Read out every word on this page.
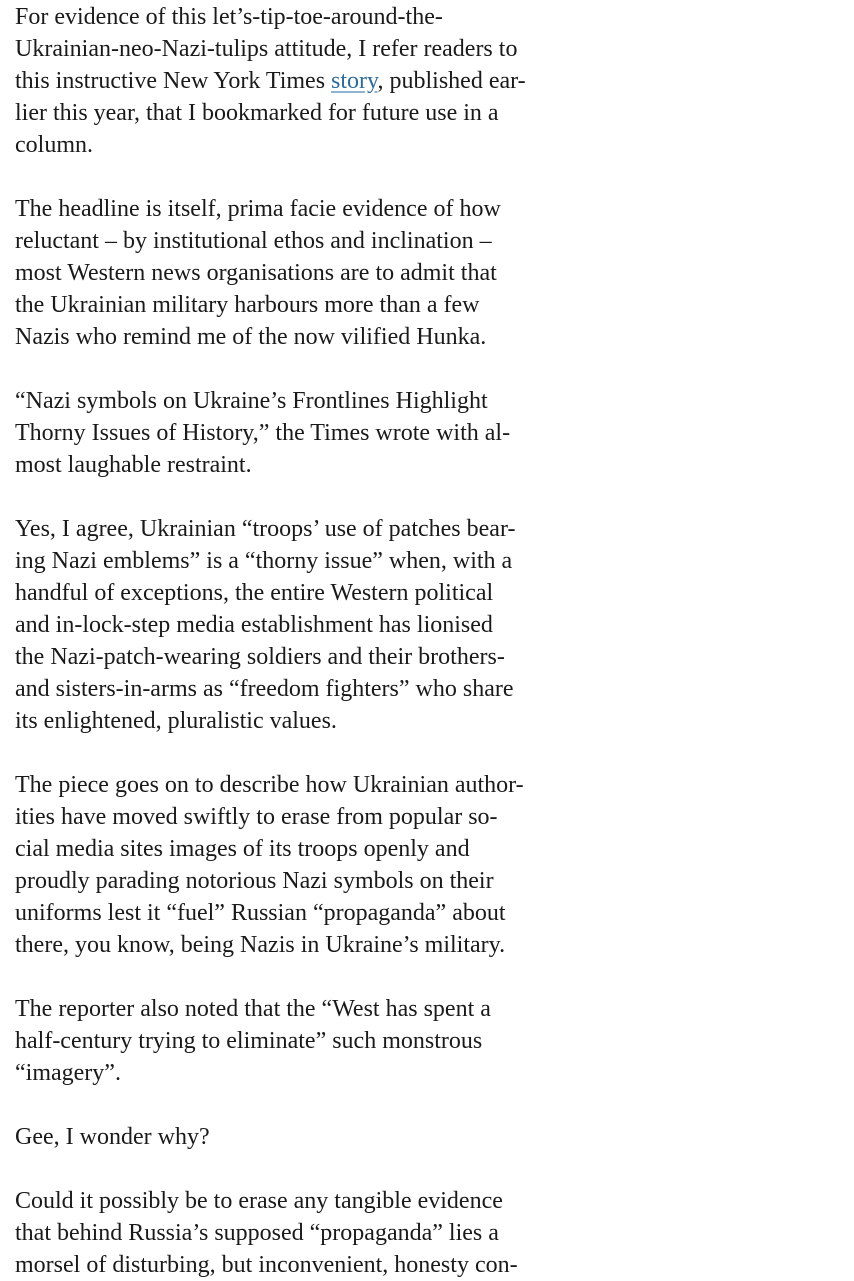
For evidence of this let’s-tip-toe-around-the-
Ukrainian-neo-Nazi-tulips attitude, I refer readers to
this instructive New York Times story, published ear-
lier this year, that I bookmarked for future use in a
column.

The headline is itself, prima facie evidence of how
reluctant – by institutional ethos and inclination –
most Western news organisations are to admit that
the Ukrainian military harbours more than a few
Nazis who remind me of the now vilified Hunka.

“Nazi symbols on Ukraine’s Frontlines Highlight
Thorny Issues of History,” the Times wrote with al-
most laughable restraint.

Yes, I agree, Ukrainian “troops’ use of patches bear-
ing Nazi emblems” is a “thorny issue” when, with a
handful of exceptions, the entire Western political
and in-lock-step media establishment has lionised
the Nazi-patch-wearing soldiers and their brothers-
and sisters-in-arms as “freedom fighters” who share
its enlightened, pluralistic values.

The piece goes on to describe how Ukrainian author-
ities have moved swiftly to erase from popular so-
cial media sites images of its troops openly and
proudly parading notorious Nazi symbols on their
uniforms lest it “fuel” Russian “propaganda” about
there, you know, being Nazis in Ukraine’s military.

The reporter also noted that the “West has spent a
half-century trying to eliminate” such monstrous
“imagery”.

Gee, I wonder why?

Could it possibly be to erase any tangible evidence
that behind Russia’s supposed “propaganda” lies a
morsel of disturbing, but inconvenient, honesty con-
